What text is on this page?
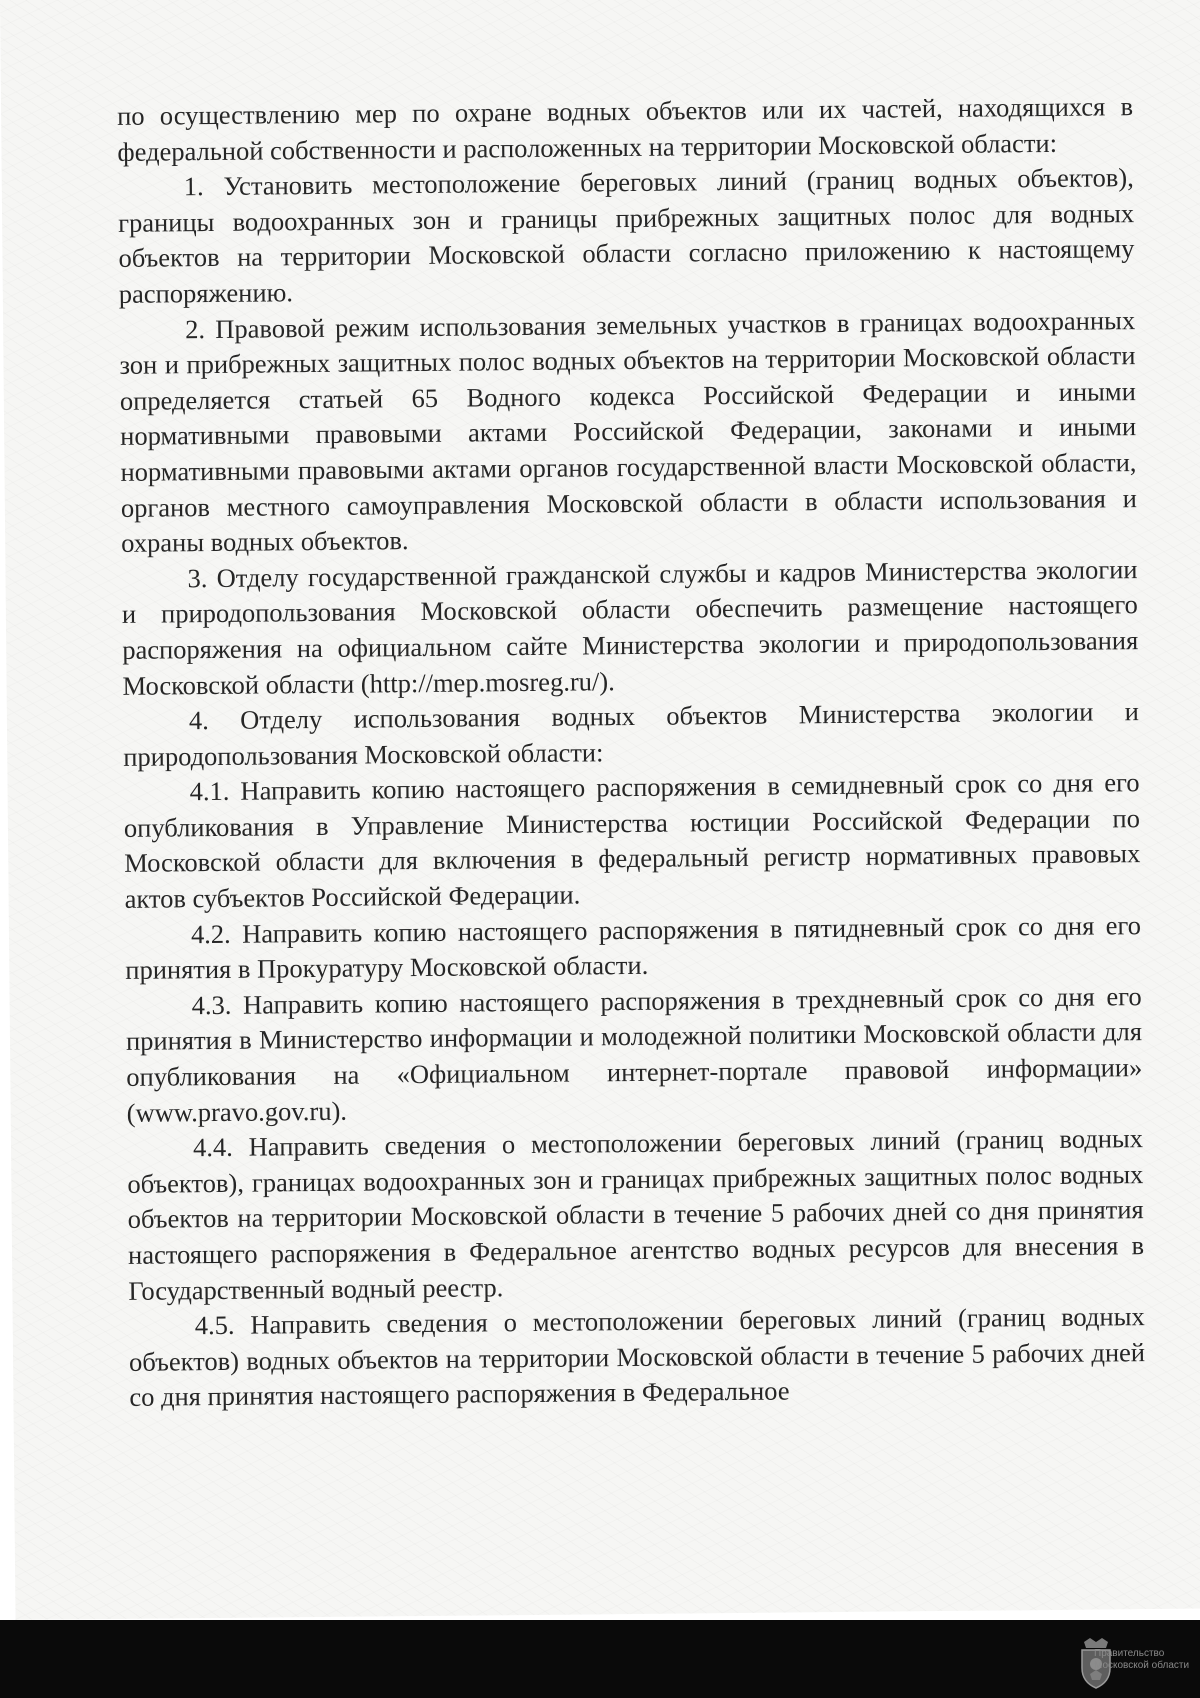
по осуществлению мер по охране водных объектов или их частей, находящихся в федеральной собственности и расположенных на территории Московской области:

1. Установить местоположение береговых линий (границ водных объектов), границы водоохранных зон и границы прибрежных защитных полос для водных объектов на территории Московской области согласно приложению к настоящему распоряжению.

2. Правовой режим использования земельных участков в границах водоохранных зон и прибрежных защитных полос водных объектов на территории Московской области определяется статьей 65 Водного кодекса Российской Федерации и иными нормативными правовыми актами Российской Федерации, законами и иными нормативными правовыми актами органов государственной власти Московской области, органов местного самоуправления Московской области в области использования и охраны водных объектов.

3. Отделу государственной гражданской службы и кадров Министерства экологии и природопользования Московской области обеспечить размещение настоящего распоряжения на официальном сайте Министерства экологии и природопользования Московской области (http://mep.mosreg.ru/).

4. Отделу использования водных объектов Министерства экологии и природопользования Московской области:

4.1. Направить копию настоящего распоряжения в семидневный срок со дня его опубликования в Управление Министерства юстиции Российской Федерации по Московской области для включения в федеральный регистр нормативных правовых актов субъектов Российской Федерации.

4.2. Направить копию настоящего распоряжения в пятидневный срок со дня его принятия в Прокуратуру Московской области.

4.3. Направить копию настоящего распоряжения в трехдневный срок со дня его принятия в Министерство информации и молодежной политики Московской области для опубликования на «Официальном интернет-портале правовой информации» (www.pravo.gov.ru).

4.4. Направить сведения о местоположении береговых линий (границ водных объектов), границах водоохранных зон и границах прибрежных защитных полос водных объектов на территории Московской области в течение 5 рабочих дней со дня принятия настоящего распоряжения в Федеральное агентство водных ресурсов для внесения в Государственный водный реестр.

4.5. Направить сведения о местоположении береговых линий (границ водных объектов) водных объектов на территории Московской области в течение 5 рабочих дней со дня принятия настоящего распоряжения в Федеральное

Правительство
Московской области
